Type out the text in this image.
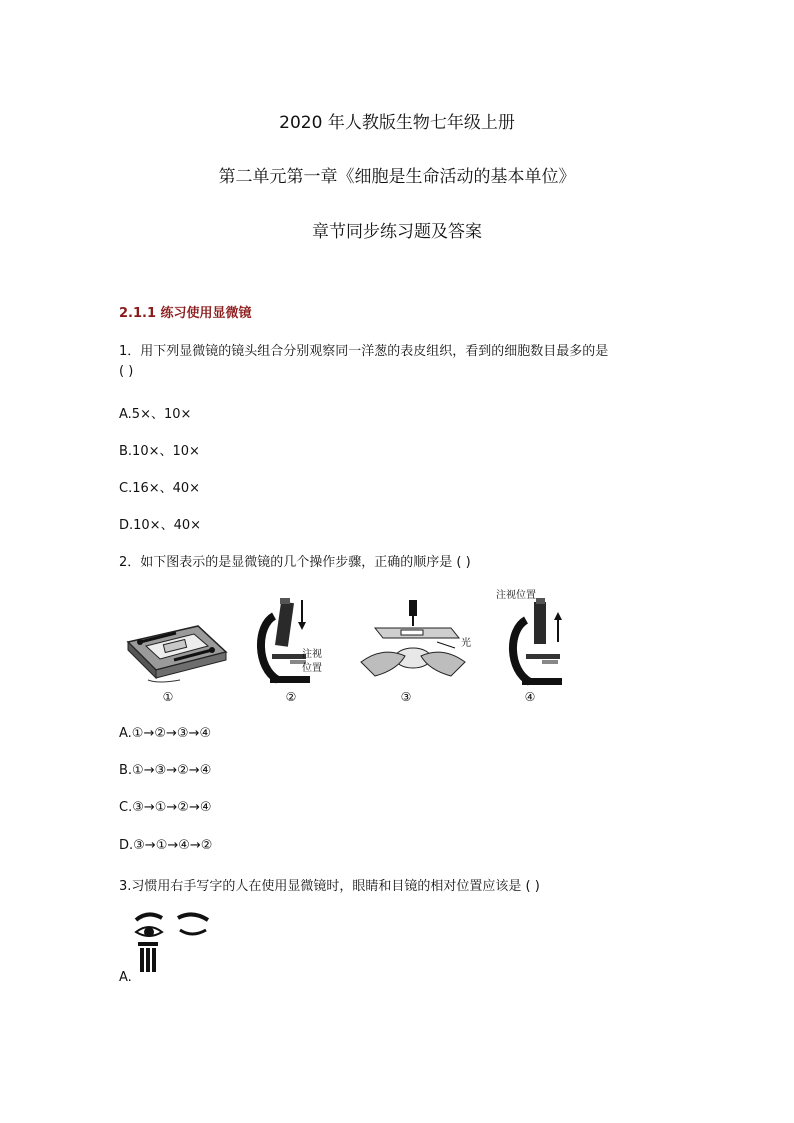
2020 年人教版生物七年级上册
第二单元第一章《细胞是生命活动的基本单位》
章节同步练习题及答案
2.1.1 练习使用显微镜
1．用下列显微镜的镜头组合分别观察同一洋葱的表皮组织，看到的细胞数目最多的是
( )
A.5×、10×
B.10×、10×
C.16×、40×
D.10×、40×
2．如下图表示的是显微镜的几个操作步骤，正确的顺序是 ( )
①
注视
位置
②
光
③
注视位置
④
A.①→②→③→④
B.①→③→②→④
C.③→①→②→④
D.③→①→④→②
3.习惯用右手写字的人在使用显微镜时，眼睛和目镜的相对位置应该是 ( )
A.
